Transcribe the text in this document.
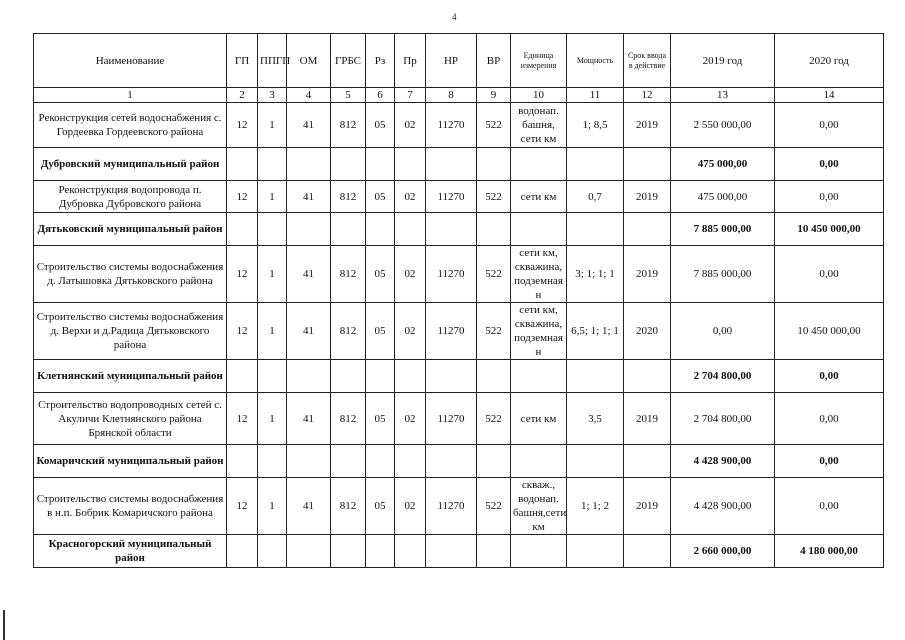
4
Наименование	ГП	ППГП	ОМ	ГРБС	Рз	Пр	НР	ВР	Единица измерения	Мощность	Срок ввода в действие	2019 год	2020 год
1	2	3	4	5	6	7	8	9	10	11	12	13	14
Реконструкция сетей водоснабжения с. Гордеевка Гордеевского района	12	1	41	812	05	02	11270	522	водонап. башня, сети км	1; 8,5	2019	2 550 000,00	0,00
Дубровский муниципальный район												475 000,00	0,00
Реконструкция водопровода п. Дубровка Дубровского района	12	1	41	812	05	02	11270	522	сети км	0,7	2019	475 000,00	0,00
Дятьковский муниципальный район												7 885 000,00	10 450 000,00
Строительство системы водоснабжения д. Латышовка Дятьковского района	12	1	41	812	05	02	11270	522	сети км, скважина, подземная н	3; 1; 1; 1	2019	7 885 000,00	0,00
Строительство системы водоснабжения д. Верхи и д.Радица Дятьковского района	12	1	41	812	05	02	11270	522	сети км, скважина, подземная н	6,5; 1; 1; 1	2020	0,00	10 450 000,00
Клетнянский муниципальный район												2 704 800,00	0,00
Строительство водопроводных сетей с. Акуличи Клетнянского района Брянской области	12	1	41	812	05	02	11270	522	сети км	3,5	2019	2 704 800,00	0,00
Комаричский муниципальный район												4 428 900,00	0,00
Строительство системы водоснабжения в н.п. Бобрик Комаричского района	12	1	41	812	05	02	11270	522	скваж., водонап. башня,сети км	1; 1; 2	2019	4 428 900,00	0,00
Красногорский муниципальный район												2 660 000,00	4 180 000,00
